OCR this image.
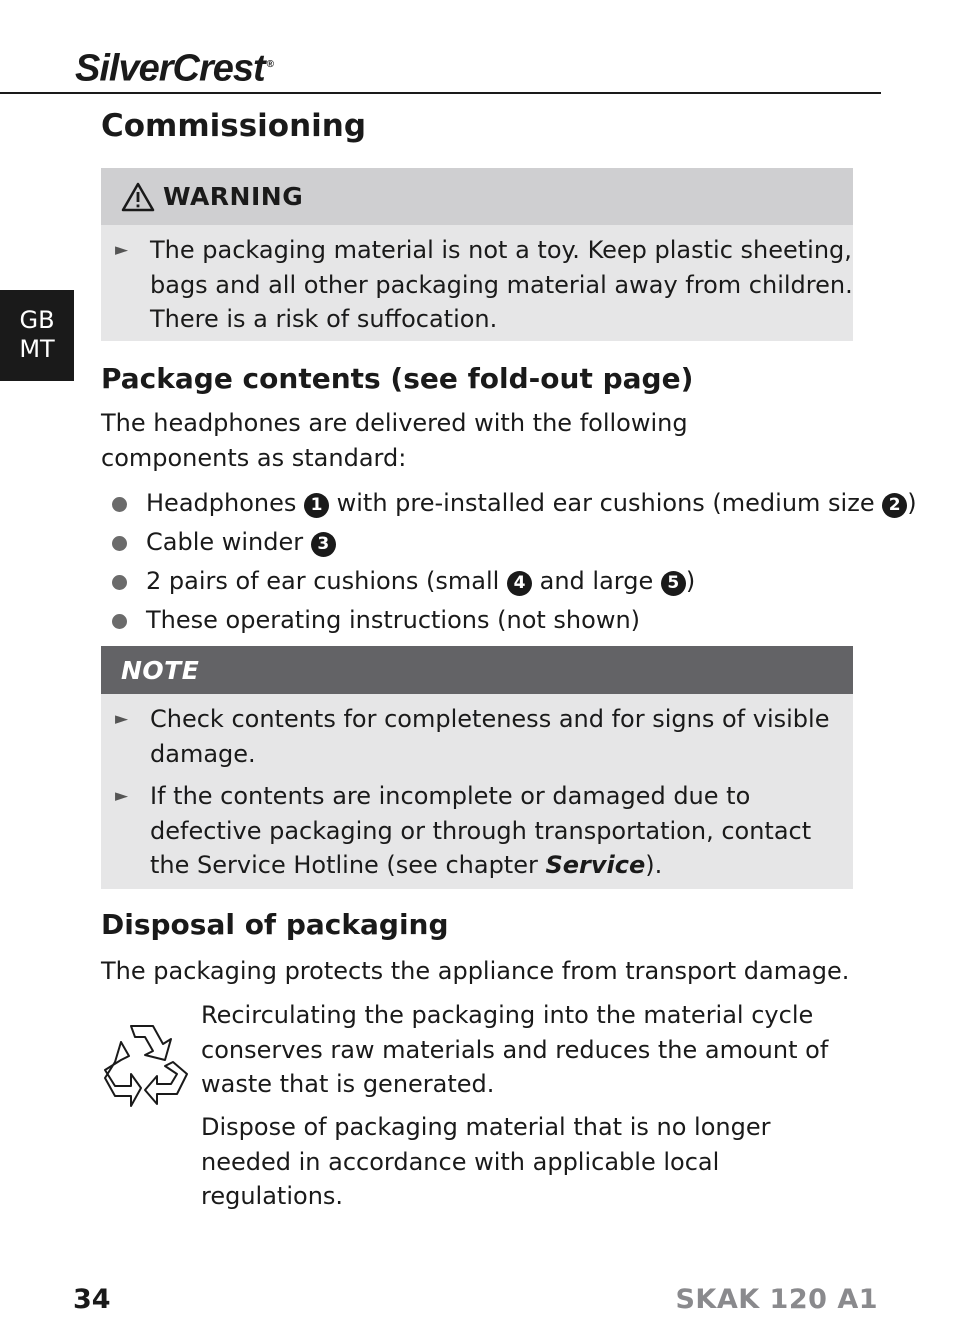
SilverCrest ®
GB
MT
Commissioning
WARNING
► The packaging material is not a toy. Keep plastic sheeting, bags and all other packaging material away from children. There is a risk of suffocation.
Package contents (see fold-out page)
The headphones are delivered with the following components as standard:
Headphones 1 with pre-installed ear cushions (medium size 2 )
Cable winder 3
2 pairs of ear cushions (small 4 and large 5 )
These operating instructions (not shown)
NOTE
► Check contents for completeness and for signs of visible damage.
► If the contents are incomplete or damaged due to defective packaging or through transportation, contact the Service Hotline (see chapter Service).
Disposal of packaging
The packaging protects the appliance from transport damage.
Recirculating the packaging into the material cycle conserves raw materials and reduces the amount of waste that is generated.
Dispose of packaging material that is no longer needed in accordance with applicable local regulations.
34	SKAK 120 A1
